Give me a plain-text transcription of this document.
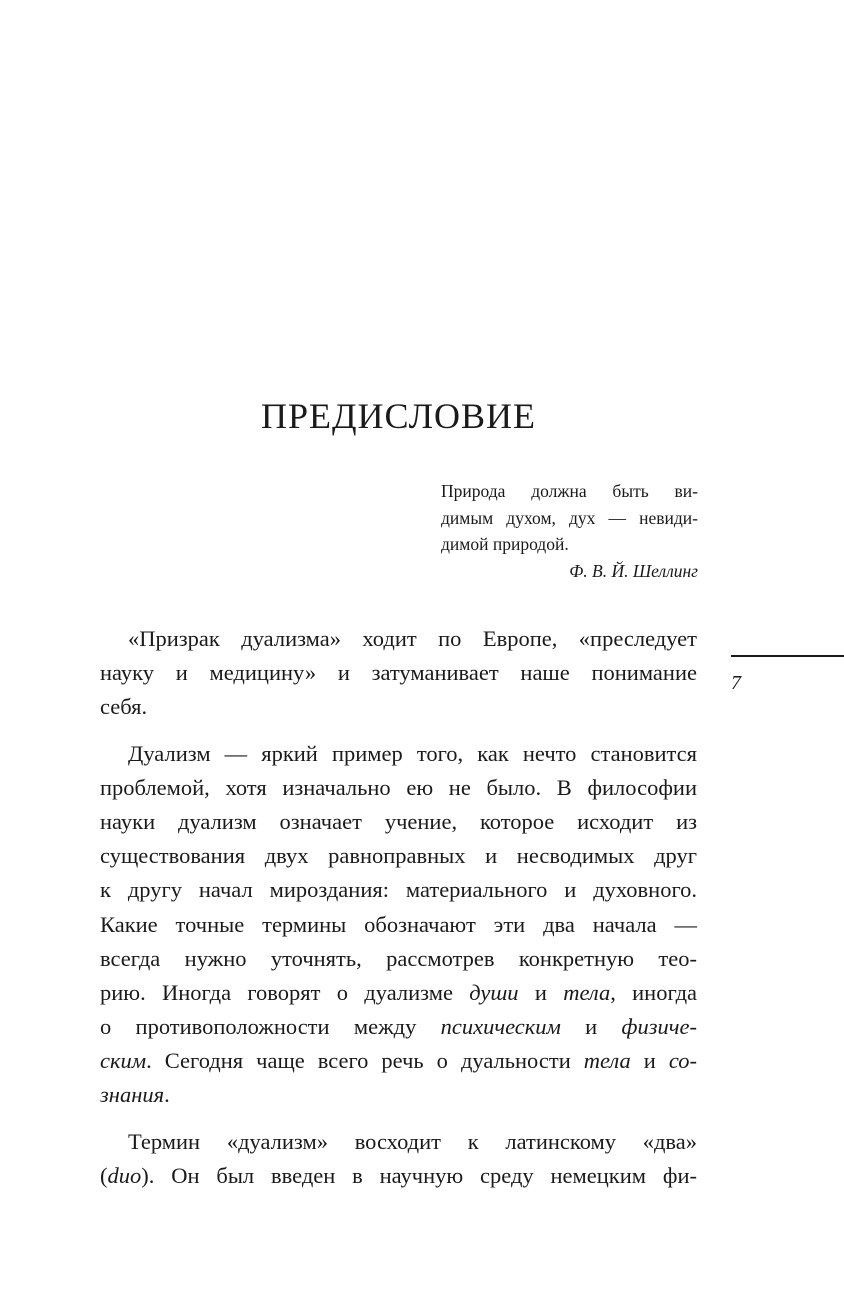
ПРЕДИСЛОВИЕ
Природа должна быть ви-
димым духом, дух — невиди-
димой природой.
Ф. В. Й. Шеллинг
«Призрак дуализма» ходит по Европе, «преследует
науку и медицину» и затуманивает наше понимание
себя.
Дуализм — яркий пример того, как нечто становится
проблемой, хотя изначально ею не было. В философии
науки дуализм означает учение, которое исходит из
существования двух равноправных и несводимых друг
к другу начал мироздания: материального и духовного.
Какие точные термины обозначают эти два начала —
всегда нужно уточнять, рассмотрев конкретную тео-
рию. Иногда говорят о дуализме души и тела, иногда
о противоположности между психическим и физиче-
ским. Сегодня чаще всего речь о дуальности тела и со-
знания.
Термин «дуализм» восходит к латинскому «два»
(duo). Он был введен в научную среду немецким фи-
7
